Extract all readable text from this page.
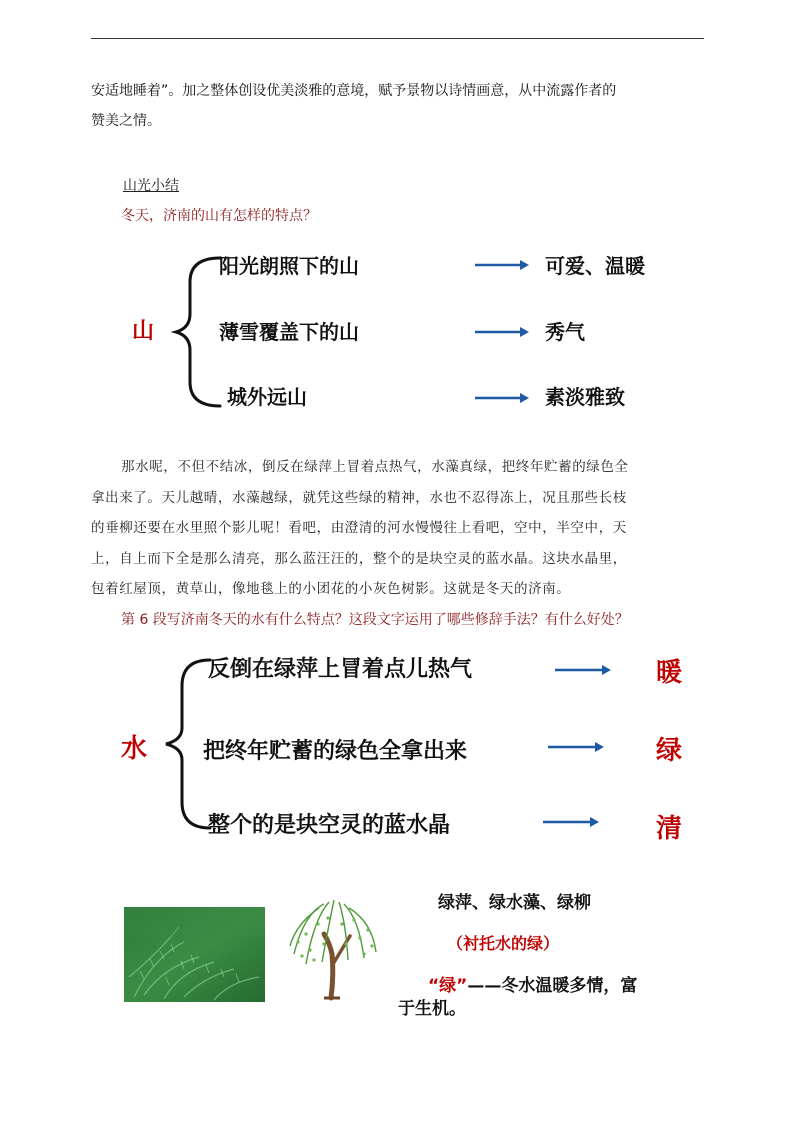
安适地睡着”。加之整体创设优美淡雅的意境，赋予景物以诗情画意，从中流露作者的
赞美之情。
山光小结
冬天，济南的山有怎样的特点？
山
阳光朗照下的山
薄雪覆盖下的山
城外远山
可爱、温暖
秀气
素淡雅致
那水呢，不但不结冰，倒反在绿萍上冒着点热气，水藻真绿，把终年贮蓄的绿色全
拿出来了。天儿越晴，水藻越绿，就凭这些绿的精神，水也不忍得冻上，况且那些长枝
的垂柳还要在水里照个影儿呢！看吧，由澄清的河水慢慢往上看吧，空中，半空中，天
上，自上而下全是那么清亮，那么蓝汪汪的，整个的是块空灵的蓝水晶。这块水晶里，
包着红屋顶，黄草山，像地毯上的小团花的小灰色树影。这就是冬天的济南。
第 6 段写济南冬天的水有什么特点？这段文字运用了哪些修辞手法？有什么好处？
水
反倒在绿萍上冒着点儿热气
把终年贮蓄的绿色全拿出来
整个的是块空灵的蓝水晶
暖
绿
清
绿萍、绿水藻、绿柳
（衬托水的绿）
“绿”——冬水温暖多情，富
于生机。
